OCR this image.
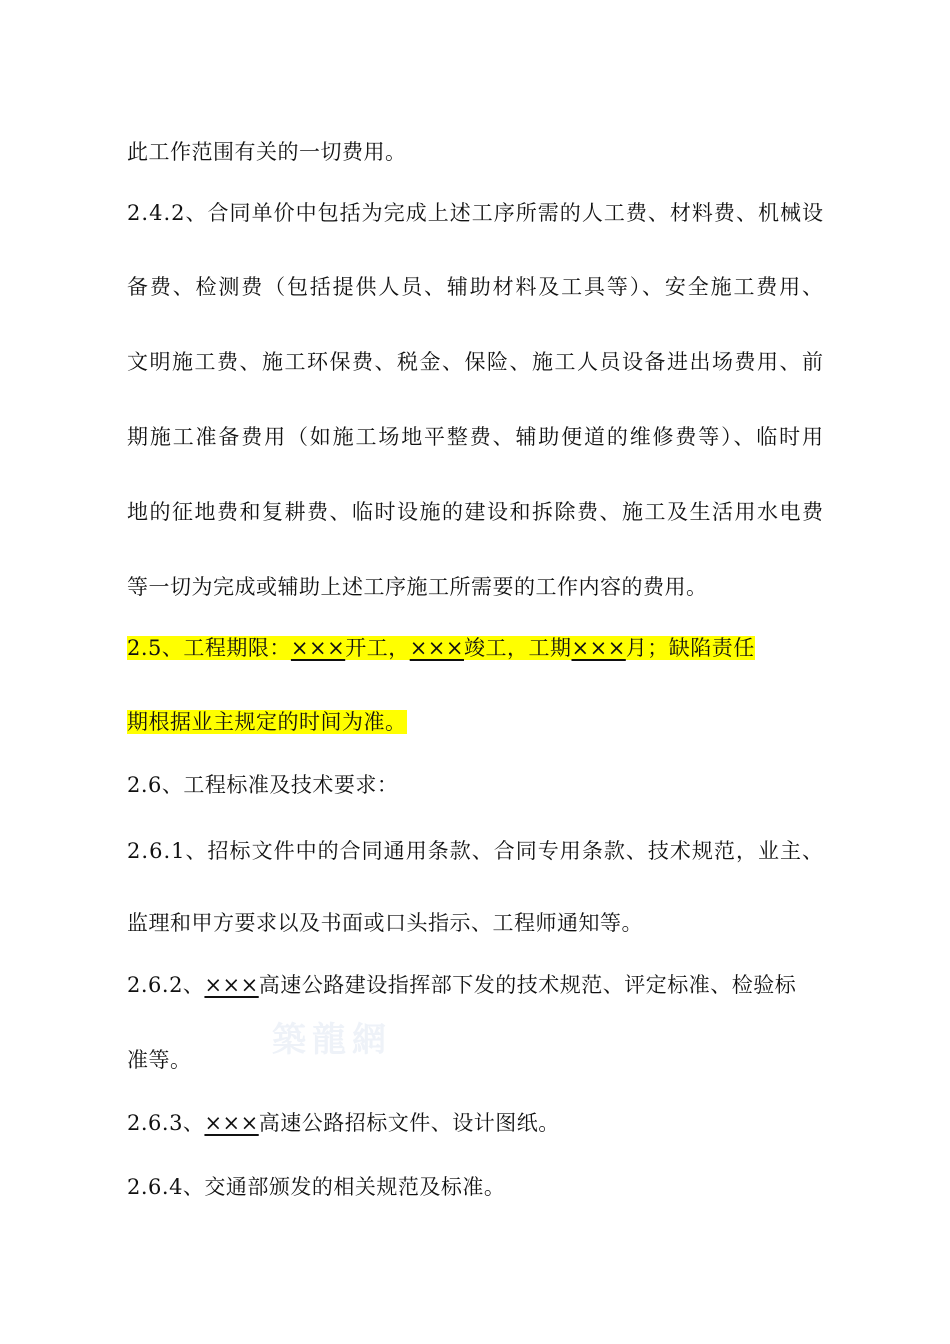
築龍網
此工作范围有关的一切费用。
2.4.2、合同单价中包括为完成上述工序所需的人工费、材料费、机械设
备费、检测费（包括提供人员、辅助材料及工具等）、安全施工费用、
文明施工费、施工环保费、税金、保险、施工人员设备进出场费用、前
期施工准备费用（如施工场地平整费、辅助便道的维修费等）、临时用
地的征地费和复耕费、临时设施的建设和拆除费、施工及生活用水电费
等一切为完成或辅助上述工序施工所需要的工作内容的费用。
2.5、工程期限：×××开工，×××竣工，工期×××月；缺陷责任
期根据业主规定的时间为准。
2.6、工程标准及技术要求：
2.6.1、招标文件中的合同通用条款、合同专用条款、技术规范，业主、
监理和甲方要求以及书面或口头指示、工程师通知等。
2.6.2、×××高速公路建设指挥部下发的技术规范、评定标准、检验标
准等。
2.6.3、×××高速公路招标文件、设计图纸。
2.6.4、交通部颁发的相关规范及标准。
